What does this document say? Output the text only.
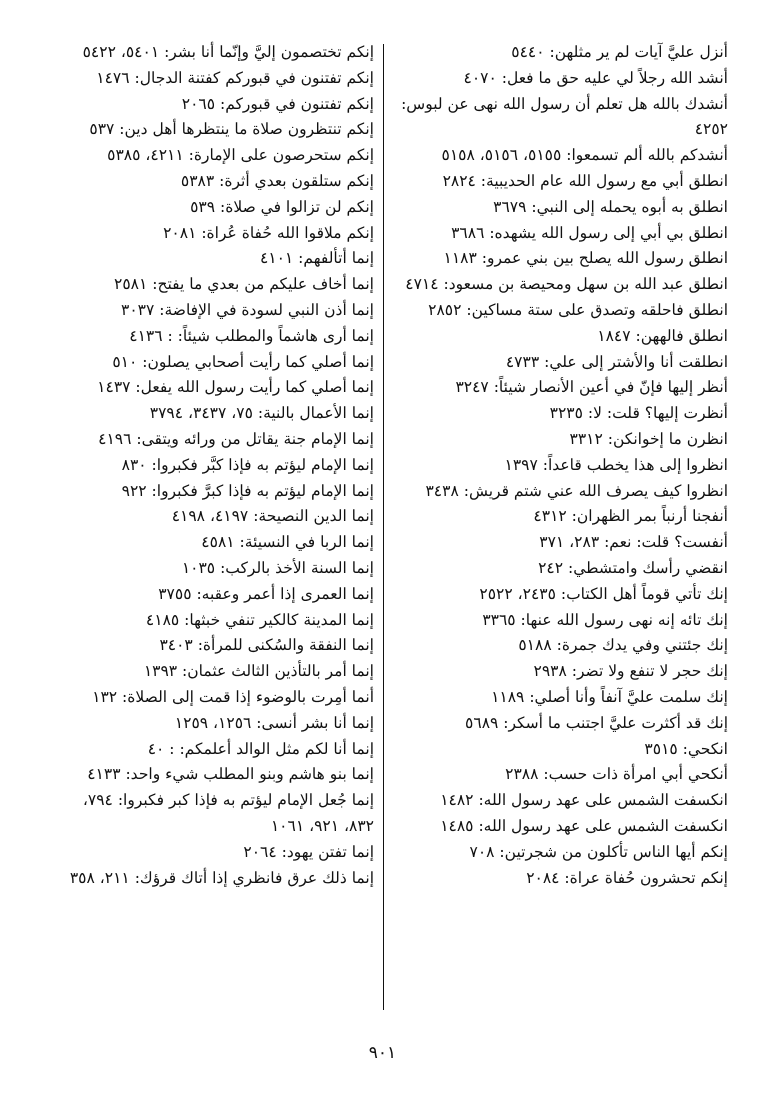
أنزل عليَّ آيات لم ير مثلهن: ٥٤٤٠
أنشد الله رجلاً لي عليه حق ما فعل: ٤٠٧٠
أنشدك بالله هل تعلم أن رسول الله نهى عن لبوس:
٤٢٥٢
أنشدكم بالله ألم تسمعوا: ٥١٥٥، ٥١٥٦، ٥١٥٨
انطلق أبي مع رسول الله عام الحديبية: ٢٨٢٤
انطلق به أبوه يحمله إلى النبي: ٣٦٧٩
انطلق بي أبي إلى رسول الله يشهده: ٣٦٨٦
انطلق رسول الله يصلح بين بني عمرو: ١١٨٣
انطلق عبد الله بن سهل ومحيصة بن مسعود: ٤٧١٤
انطلق فاحلقه وتصدق على ستة مساكين: ٢٨٥٢
انطلق فالههن: ١٨٤٧
انطلقت أنا والأشتر إلى علي: ٤٧٣٣
أنظر إليها فإنّ في أعين الأنصار شيئاً: ٣٢٤٧
أنظرت إليها؟ قلت: لا: ٣٢٣٥
انظرن ما إخوانكن: ٣٣١٢
انظروا إلى هذا يخطب قاعداً: ١٣٩٧
انظروا كيف يصرف الله عني شتم قريش: ٣٤٣٨
أنفجنا أرنباً بمر الظهران: ٤٣١٢
أنفست؟ قلت: نعم: ٢٨٣، ٣٧١
انقضي رأسك وامتشطي: ٢٤٢
إنك تأتي قوماً أهل الكتاب: ٢٤٣٥، ٢٥٢٢
إنك تائه إنه نهى رسول الله عنها: ٣٣٦٥
إنك جئتني وفي يدك جمرة: ٥١٨٨
إنك حجر لا تنفع ولا تضر: ٢٩٣٨
إنك سلمت عليَّ آنفاً وأنا أصلي: ١١٨٩
إنك قد أكثرت عليَّ اجتنب ما أسكر: ٥٦٨٩
انكحي: ٣٥١٥
أنكحي أبي امرأة ذات حسب: ٢٣٨٨
انكسفت الشمس على عهد رسول الله: ١٤٨٢
انكسفت الشمس على عهد رسول الله: ١٤٨٥
إنكم أيها الناس تأكلون من شجرتين: ٧٠٨
إنكم تحشرون حُفاة عراة: ٢٠٨٤
إنكم تختصمون إليَّ وإنّما أنا بشر: ٥٤٠١، ٥٤٢٢
إنكم تفتنون في قبوركم كفتنة الدجال: ١٤٧٦
إنكم تفتنون في قبوركم: ٢٠٦٥
إنكم تنتظرون صلاة ما ينتظرها أهل دين: ٥٣٧
إنكم ستحرصون على الإمارة: ٤٢١١، ٥٣٨٥
إنكم ستلقون بعدي أثرة: ٥٣٨٣
إنكم لن تزالوا في صلاة: ٥٣٩
إنكم ملاقوا الله حُفاة عُراة: ٢٠٨١
إنما أتألفهم: ٤١٠١
إنما أخاف عليكم من بعدي ما يفتح: ٢٥٨١
إنما أذن النبي لسودة في الإفاضة: ٣٠٣٧
إنما أرى هاشماً والمطلب شيئاً: : ٤١٣٦
إنما أصلي كما رأيت أصحابي يصلون: ٥١٠
إنما أصلي كما رأيت رسول الله يفعل: ١٤٣٧
إنما الأعمال بالنية: ٧٥، ٣٤٣٧، ٣٧٩٤
إنما الإمام جنة يقاتل من ورائه ويتقى: ٤١٩٦
إنما الإمام ليؤتم به فإذا كبَّر فكبروا: ٨٣٠
إنما الإمام ليؤتم به فإذا كبرَّ فكبروا: ٩٢٢
إنما الدين النصيحة: ٤١٩٧، ٤١٩٨
إنما الربا في النسيئة: ٤٥٨١
إنما السنة الأخذ بالركب: ١٠٣٥
إنما العمرى إذا أعمر وعقبه: ٣٧٥٥
إنما المدينة كالكير تنفي خبثها: ٤١٨٥
إنما النفقة والسُكنى للمرأة: ٣٤٠٣
إنما أمر بالتأذين الثالث عثمان: ١٣٩٣
أنما أمِرت بالوضوء إذا قمت إلى الصلاة: ١٣٢
إنما أنا بشر أنسى: ١٢٥٦، ١٢٥٩
إنما أنا لكم مثل الوالد أعلمكم: : ٤٠
إنما بنو هاشم وبنو المطلب شيء واحد: ٤١٣٣
إنما جُعل الإمام ليؤتم به فإذا كبر فكبروا: ٧٩٤،
٨٣٢، ٩٢١، ١٠٦١
إنما تفتن يهود: ٢٠٦٤
إنما ذلك عرق فانظري إذا أتاك قرؤك: ٢١١، ٣٥٨
٩٠١
